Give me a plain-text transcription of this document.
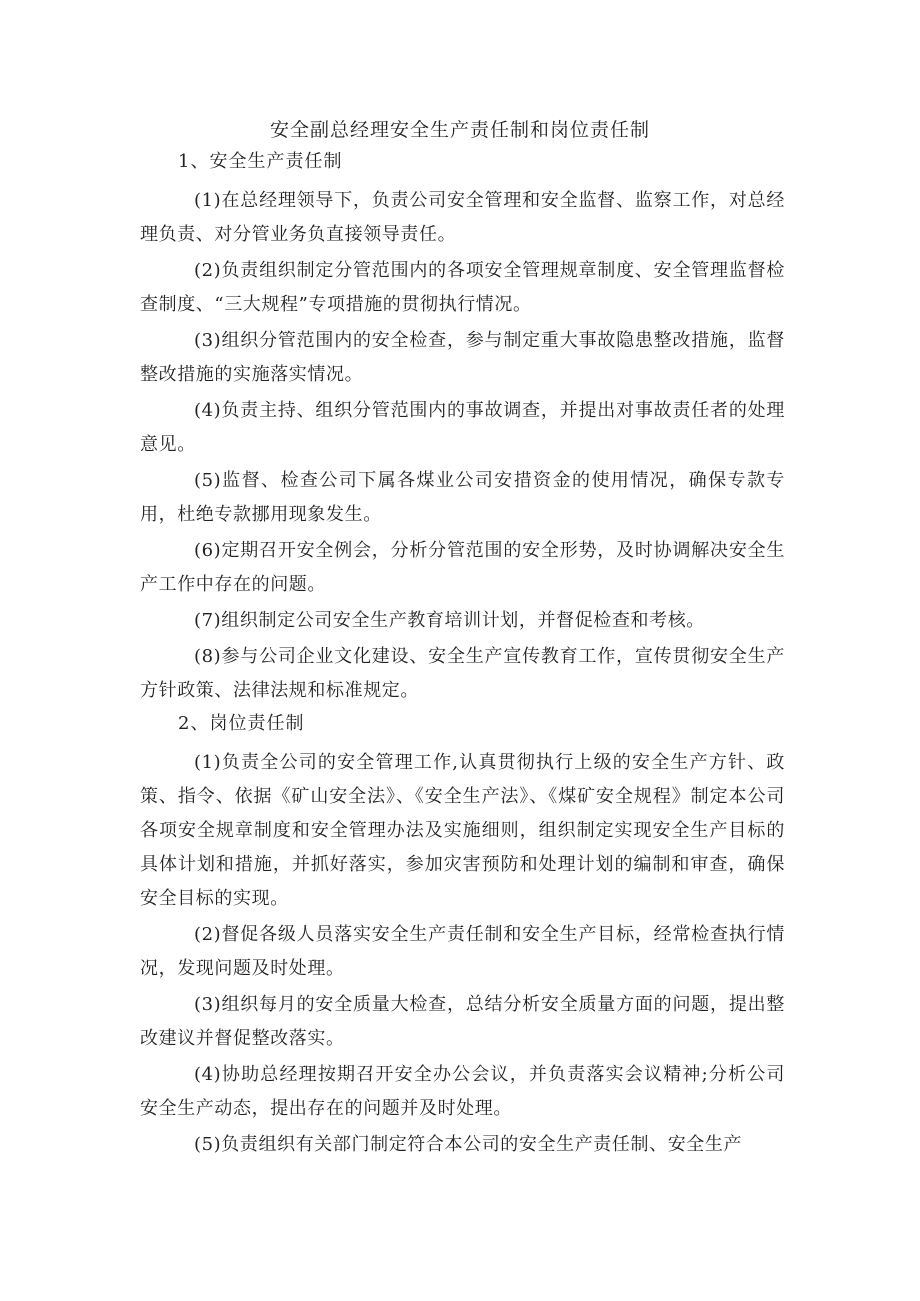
安全副总经理安全生产责任制和岗位责任制
1、安全生产责任制

(1)在总经理领导下，负责公司安全管理和安全监督、监察工作，对总经理负责、对分管业务负直接领导责任。

(2)负责组织制定分管范围内的各项安全管理规章制度、安全管理监督检查制度、“三大规程”专项措施的贯彻执行情况。

(3)组织分管范围内的安全检查，参与制定重大事故隐患整改措施，监督整改措施的实施落实情况。

(4)负责主持、组织分管范围内的事故调查，并提出对事故责任者的处理意见。

(5)监督、检查公司下属各煤业公司安措资金的使用情况，确保专款专用，杜绝专款挪用现象发生。

(6)定期召开安全例会，分析分管范围的安全形势，及时协调解决安全生产工作中存在的问题。

(7)组织制定公司安全生产教育培训计划，并督促检查和考核。

(8)参与公司企业文化建设、安全生产宣传教育工作，宣传贯彻安全生产方针政策、法律法规和标准规定。

2、岗位责任制

(1)负责全公司的安全管理工作,认真贯彻执行上级的安全生产方针、政策、指令、依据《矿山安全法》、《安全生产法》、《煤矿安全规程》制定本公司各项安全规章制度和安全管理办法及实施细则，组织制定实现安全生产目标的具体计划和措施，并抓好落实，参加灾害预防和处理计划的编制和审查，确保安全目标的实现。

(2)督促各级人员落实安全生产责任制和安全生产目标，经常检查执行情况，发现问题及时处理。

(3)组织每月的安全质量大检查，总结分析安全质量方面的问题，提出整改建议并督促整改落实。

(4)协助总经理按期召开安全办公会议，并负责落实会议精神;分析公司安全生产动态，提出存在的问题并及时处理。

(5)负责组织有关部门制定符合本公司的安全生产责任制、安全生产
